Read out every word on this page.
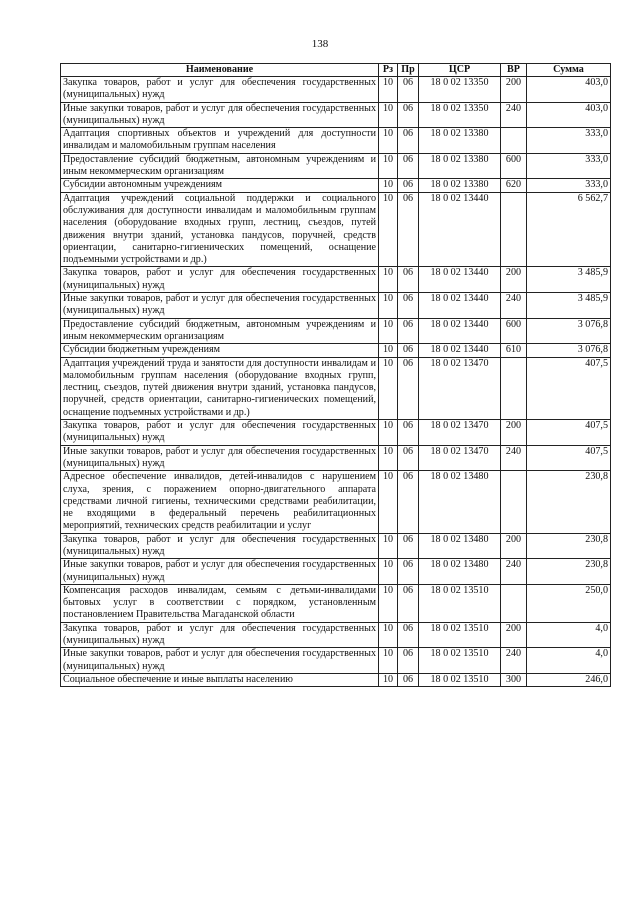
138
Наименование	Рз	Пр	ЦСР	ВР	Сумма
Закупка товаров, работ и услуг для обеспечения государственных (муниципальных) нужд	10	06	18 0 02 13350	200	403,0
Иные закупки товаров, работ и услуг для обеспечения государственных (муниципальных) нужд	10	06	18 0 02 13350	240	403,0
Адаптация спортивных объектов и учреждений для доступности инвалидам и маломобильным группам населения	10	06	18 0 02 13380		333,0
Предоставление субсидий бюджетным, автономным учреждениям и иным некоммерческим организациям	10	06	18 0 02 13380	600	333,0
Субсидии автономным учреждениям	10	06	18 0 02 13380	620	333,0
Адаптация учреждений социальной поддержки и социального обслуживания для доступности инвалидам и маломобильным группам населения (оборудование входных групп, лестниц, съездов, путей движения внутри зданий, установка пандусов, поручней, средств ориентации, санитарно-гигиенических помещений, оснащение подъемными устройствами и др.)	10	06	18 0 02 13440		6 562,7
Закупка товаров, работ и услуг для обеспечения государственных (муниципальных) нужд	10	06	18 0 02 13440	200	3 485,9
Иные закупки товаров, работ и услуг для обеспечения государственных (муниципальных) нужд	10	06	18 0 02 13440	240	3 485,9
Предоставление субсидий бюджетным, автономным учреждениям и иным некоммерческим организациям	10	06	18 0 02 13440	600	3 076,8
Субсидии бюджетным учреждениям	10	06	18 0 02 13440	610	3 076,8
Адаптация учреждений труда и занятости для доступности инвалидам и маломобильным группам населения (оборудование входных групп, лестниц, съездов, путей движения внутри зданий, установка пандусов, поручней, средств ориентации, санитарно-гигиенических помещений, оснащение подъемных устройствами и др.)	10	06	18 0 02 13470		407,5
Закупка товаров, работ и услуг для обеспечения государственных (муниципальных) нужд	10	06	18 0 02 13470	200	407,5
Иные закупки товаров, работ и услуг для обеспечения государственных (муниципальных) нужд	10	06	18 0 02 13470	240	407,5
Адресное обеспечение инвалидов, детей-инвалидов с нарушением слуха, зрения, с поражением опорно-двигательного аппарата средствами личной гигиены, техническими средствами реабилитации, не входящими в федеральный перечень реабилитационных мероприятий, технических средств реабилитации и услуг	10	06	18 0 02 13480		230,8
Закупка товаров, работ и услуг для обеспечения государственных (муниципальных) нужд	10	06	18 0 02 13480	200	230,8
Иные закупки товаров, работ и услуг для обеспечения государственных (муниципальных) нужд	10	06	18 0 02 13480	240	230,8
Компенсация расходов инвалидам, семьям с детьми-инвалидами бытовых услуг в соответствии с порядком, установленным постановлением Правительства Магаданской области	10	06	18 0 02 13510		250,0
Закупка товаров, работ и услуг для обеспечения государственных (муниципальных) нужд	10	06	18 0 02 13510	200	4,0
Иные закупки товаров, работ и услуг для обеспечения государственных (муниципальных) нужд	10	06	18 0 02 13510	240	4,0
Социальное обеспечение и иные выплаты населению	10	06	18 0 02 13510	300	246,0
